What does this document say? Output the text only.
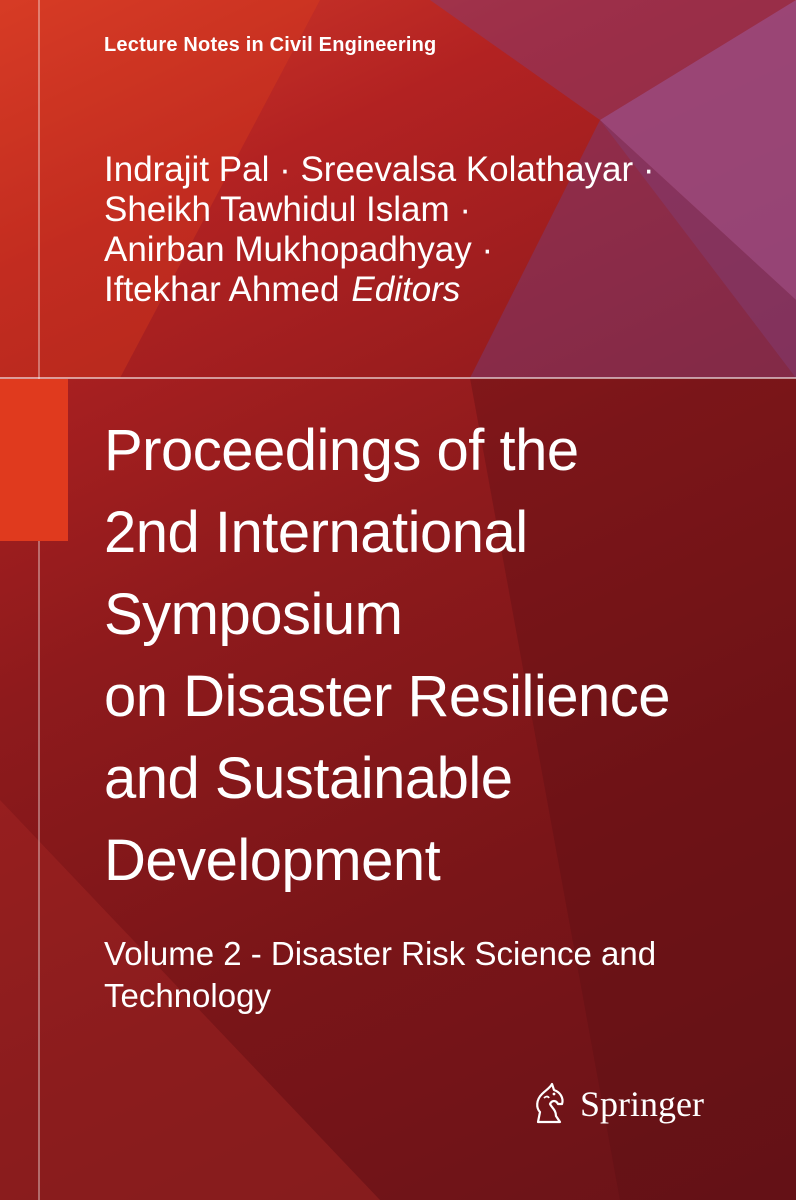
Lecture Notes in Civil Engineering
Indrajit Pal · Sreevalsa Kolathayar ·
Sheikh Tawhidul Islam ·
Anirban Mukhopadhyay ·
Iftekhar Ahmed Editors
Proceedings of the
2nd International
Symposium
on Disaster Resilience
and Sustainable
Development
Volume 2 - Disaster Risk Science and
Technology
Springer
